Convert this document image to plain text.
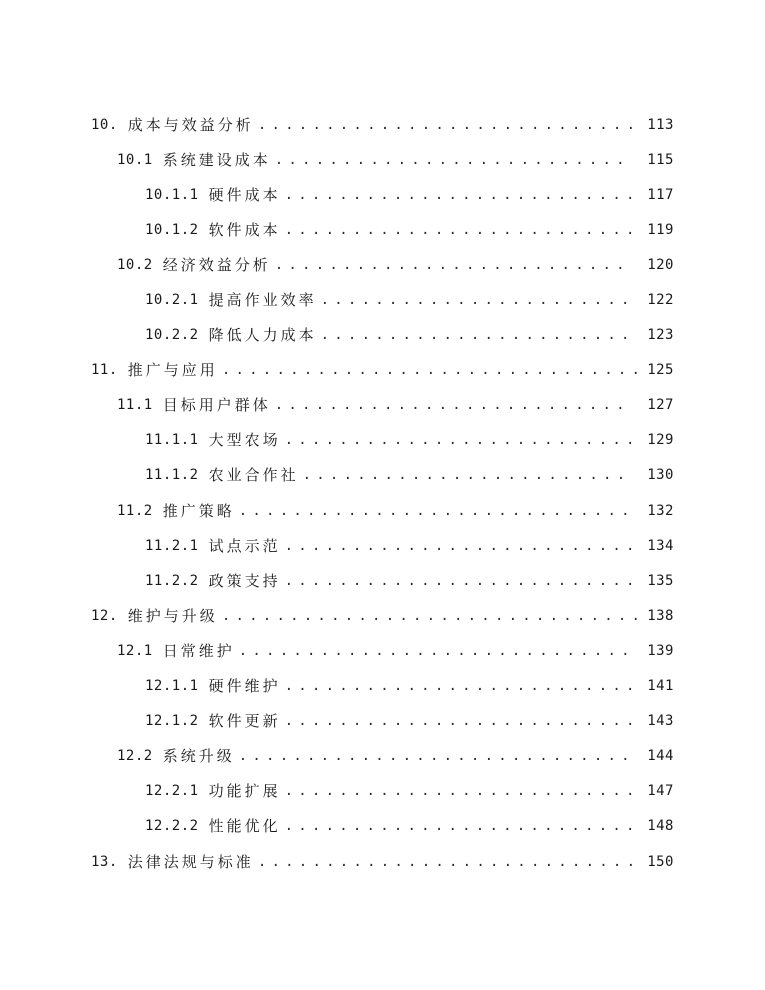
10. 成本与效益分析 . . .	113
10.1 系统建设成本 . . .	115
10.1.1 硬件成本 . . .	117
10.1.2 软件成本 . . .	119
10.2 经济效益分析 . . .	120
10.2.1 提高作业效率 . . .	122
10.2.2 降低人力成本 . . .	123
11. 推广与应用 . . .	125
11.1 目标用户群体 . . .	127
11.1.1 大型农场 . . .	129
11.1.2 农业合作社 . . .	130
11.2 推广策略 . . .	132
11.2.1 试点示范 . . .	134
11.2.2 政策支持 . . .	135
12. 维护与升级 . . .	138
12.1 日常维护 . . .	139
12.1.1 硬件维护 . . .	141
12.1.2 软件更新 . . .	143
12.2 系统升级 . . .	144
12.2.1 功能扩展 . . .	147
12.2.2 性能优化 . . .	148
13. 法律法规与标准 . . .	150
